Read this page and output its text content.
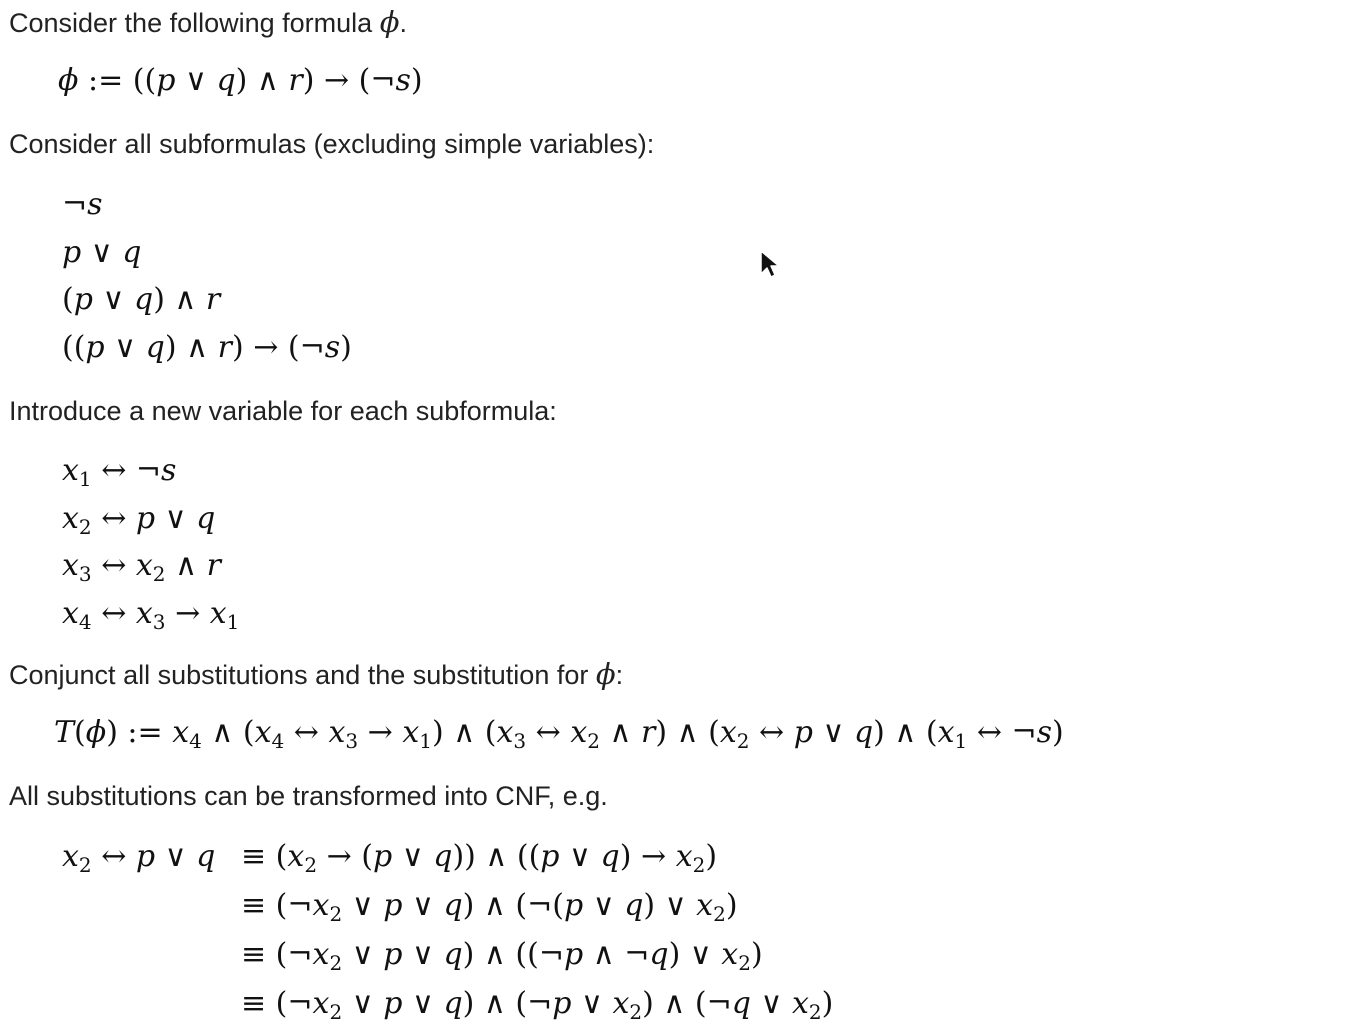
Consider the following formula ϕ.
ϕ := ((p ∨ q) ∧ r) → (¬s)
Consider all subformulas (excluding simple variables):
¬s
p ∨ q
(p ∨ q) ∧ r
((p ∨ q) ∧ r) → (¬s)
Introduce a new variable for each subformula:
$x_1$ ↔ ¬s
$x_2$ ↔ p ∨ q
$x_3$ ↔ $x_2$ ∧ r
$x_4$ ↔ $x_3 \to x_1$
Conjunct all substitutions and the substitution for ϕ:
T(ϕ) := $x_4$ ∧ ($x_4$ ↔ $x_3 \to x_1$) ∧ ($x_3$ ↔ $x_2$ ∧ r) ∧ ($x_2$ ↔ p ∨ q) ∧ ($x_1$ ↔ ¬s)
All substitutions can be transformed into CNF, e.g.
$x_2$ ↔ p ∨ $q \equiv (x_2 \to (p$ ∨ q)) ∧ ((p ∨ $q) \to x_2$)
≡ ($\neg x_2$ ∨ p ∨ q) ∧ (¬(p ∨ q) ∨ $x_2$)
≡ ($\neg x_2$ ∨ p ∨ q) ∧ ((¬p ∧ ¬q) ∨ $x_2$)
≡ ($\neg x_2$ ∨ p ∨ q) ∧ (¬p ∨ $x_2$) ∧ (¬q ∨ $x_2$)
